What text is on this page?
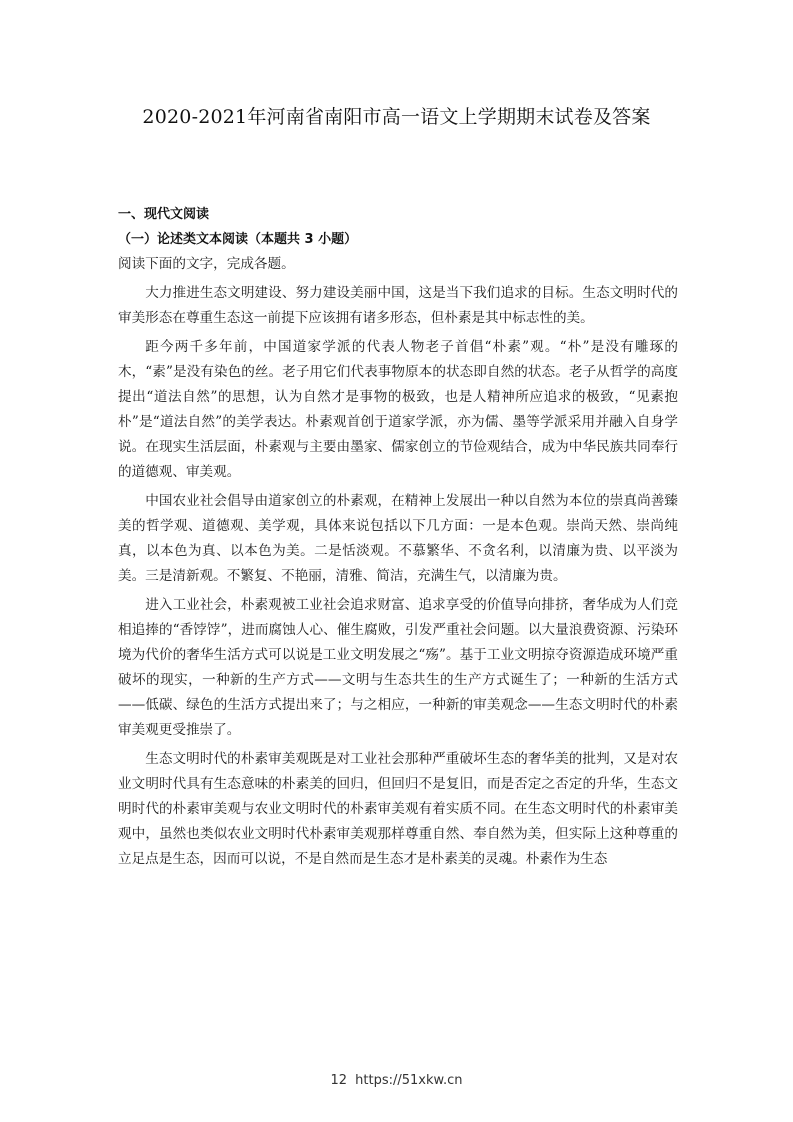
2020-2021年河南省南阳市高一语文上学期期末试卷及答案

一、现代文阅读

（一）论述类文本阅读（本题共 3 小题）

阅读下面的文字，完成各题。

大力推进生态文明建设、努力建设美丽中国，这是当下我们追求的目标。生态文明时代的审美形态在尊重生态这一前提下应该拥有诸多形态，但朴素是其中标志性的美。

距今两千多年前，中国道家学派的代表人物老子首倡“朴素”观。“朴”是没有雕琢的木，“素”是没有染色的丝。老子用它们代表事物原本的状态即自然的状态。老子从哲学的高度提出“道法自然”的思想，认为自然才是事物的极致，也是人精神所应追求的极致，“见素抱朴”是“道法自然”的美学表达。朴素观首创于道家学派，亦为儒、墨等学派采用并融入自身学说。在现实生活层面，朴素观与主要由墨家、儒家创立的节俭观结合，成为中华民族共同奉行的道德观、审美观。

中国农业社会倡导由道家创立的朴素观，在精神上发展出一种以自然为本位的崇真尚善臻美的哲学观、道德观、美学观，具体来说包括以下几方面：一是本色观。崇尚天然、崇尚纯真，以本色为真、以本色为美。二是恬淡观。不慕繁华、不贪名利，以清廉为贵、以平淡为美。三是清新观。不繁复、不艳丽，清雅、简洁，充满生气，以清廉为贵。

进入工业社会，朴素观被工业社会追求财富、追求享受的价值导向排挤，奢华成为人们竞相追捧的“香饽饽”，进而腐蚀人心、催生腐败，引发严重社会问题。以大量浪费资源、污染环境为代价的奢华生活方式可以说是工业文明发展之“殇”。基于工业文明掠夺资源造成环境严重破坏的现实，一种新的生产方式——文明与生态共生的生产方式诞生了；一种新的生活方式——低碳、绿色的生活方式提出来了；与之相应，一种新的审美观念——生态文明时代的朴素审美观更受推崇了。

生态文明时代的朴素审美观既是对工业社会那种严重破坏生态的奢华美的批判，又是对农业文明时代具有生态意味的朴素美的回归，但回归不是复旧，而是否定之否定的升华，生态文明时代的朴素审美观与农业文明时代的朴素审美观有着实质不同。在生态文明时代的朴素审美观中，虽然也类似农业文明时代朴素审美观那样尊重自然、奉自然为美，但实际上这种尊重的立足点是生态，因而可以说，不是自然而是生态才是朴素美的灵魂。朴素作为生态

12 https://51xkw.cn
